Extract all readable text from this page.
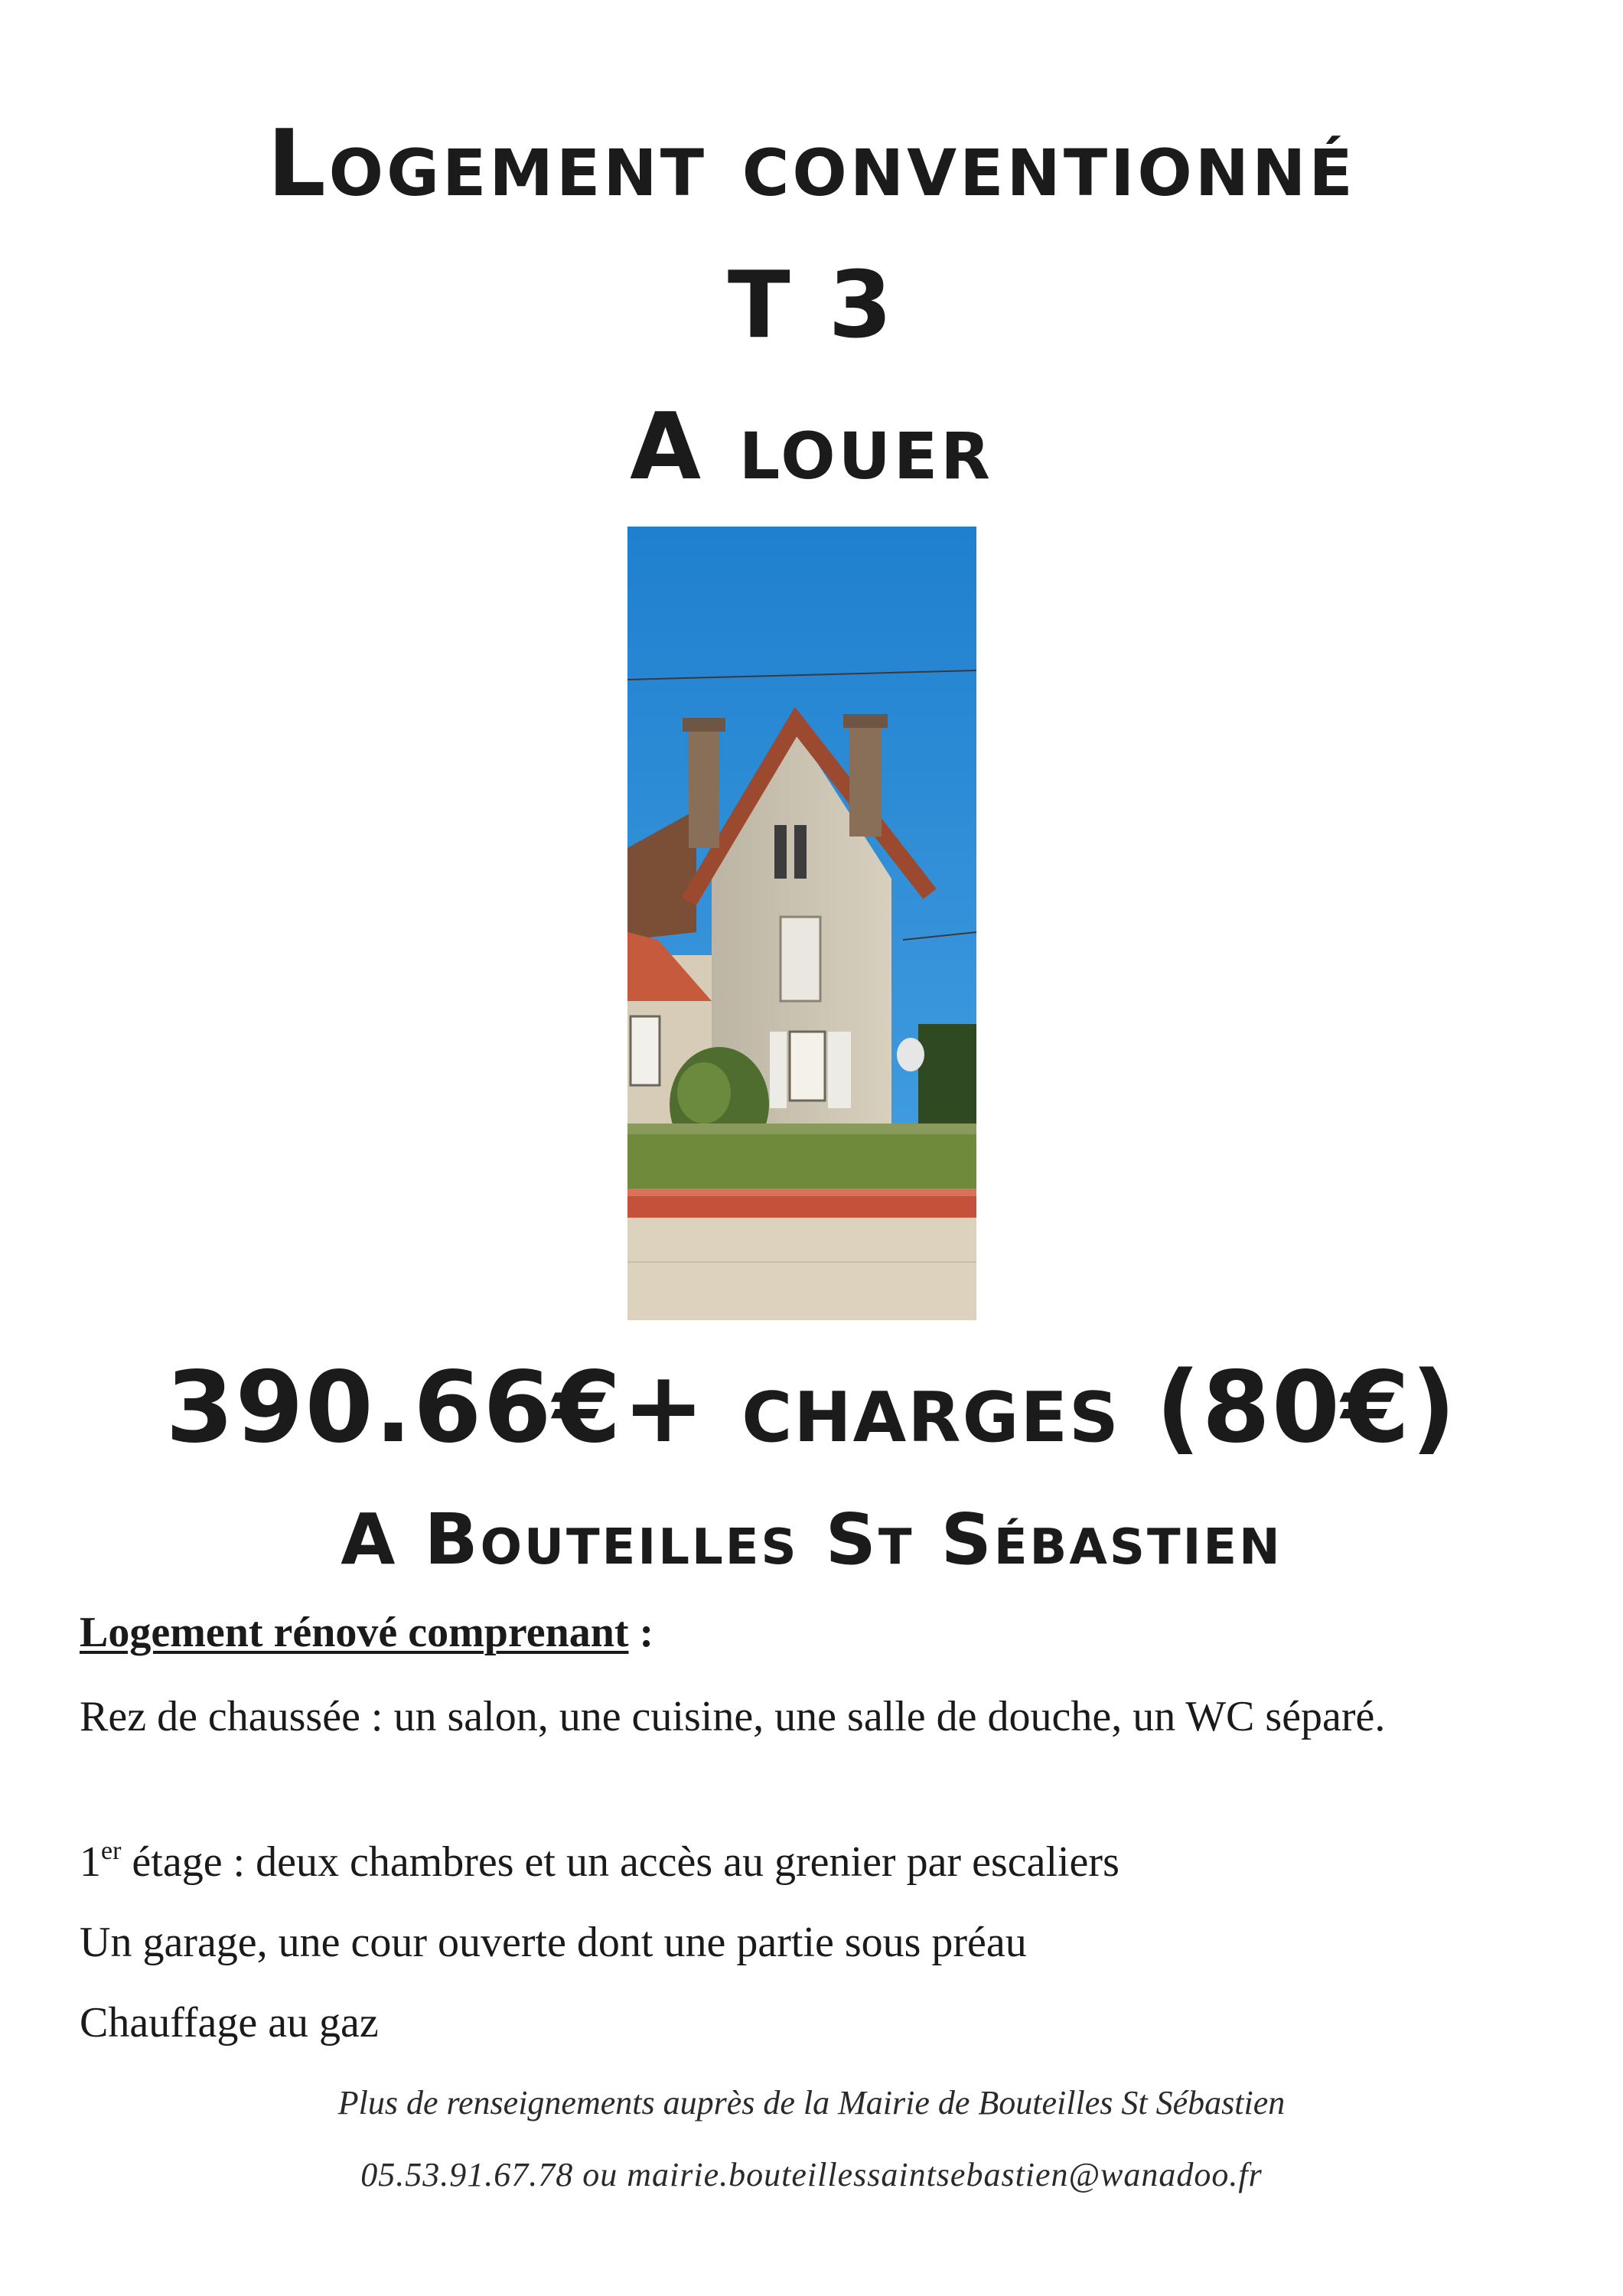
Logement conventionné
T 3
A louer
390.66€+ charges (80€)
A Bouteilles St Sébastien
Logement rénové comprenant :
Rez de chaussée : un salon, une cuisine, une salle de douche, un WC séparé.
1er étage : deux chambres et un accès au grenier par escaliers
Un garage, une cour ouverte dont une partie sous préau
Chauffage au gaz
Plus de renseignements auprès de la Mairie de Bouteilles St Sébastien
05.53.91.67.78 ou mairie.bouteillessaintsebastien@wanadoo.fr
